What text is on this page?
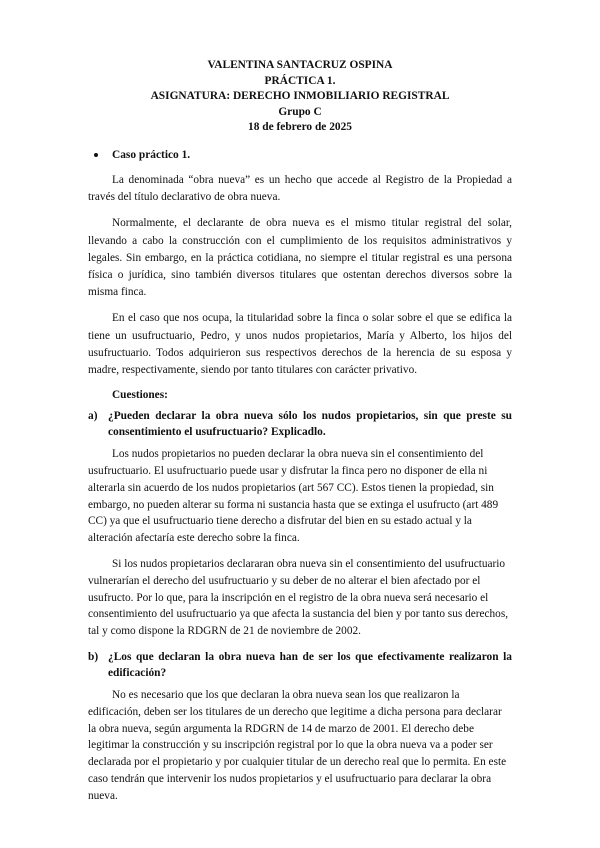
VALENTINA SANTACRUZ OSPINA
PRÁCTICA 1.
ASIGNATURA: DERECHO INMOBILIARIO REGISTRAL
Grupo C
18 de febrero de 2025
Caso práctico 1.

La denominada “obra nueva” es un hecho que accede al Registro de la Propiedad a través del título declarativo de obra nueva.

Normalmente, el declarante de obra nueva es el mismo titular registral del solar, llevando a cabo la construcción con el cumplimiento de los requisitos administrativos y legales. Sin embargo, en la práctica cotidiana, no siempre el titular registral es una persona física o jurídica, sino también diversos titulares que ostentan derechos diversos sobre la misma finca.

En el caso que nos ocupa, la titularidad sobre la finca o solar sobre el que se edifica la tiene un usufructuario, Pedro, y unos nudos propietarios, María y Alberto, los hijos del usufructuario. Todos adquirieron sus respectivos derechos de la herencia de su esposa y madre, respectivamente, siendo por tanto titulares con carácter privativo.

Cuestiones:
a) ¿Pueden declarar la obra nueva sólo los nudos propietarios, sin que preste su consentimiento el usufructuario? Explicadlo.

Los nudos propietarios no pueden declarar la obra nueva sin el consentimiento del usufructuario. El usufructuario puede usar y disfrutar la finca pero no disponer de ella ni alterarla sin acuerdo de los nudos propietarios (art 567 CC). Estos tienen la propiedad, sin embargo, no pueden alterar su forma ni sustancia hasta que se extinga el usufructo (art 489 CC) ya que el usufructuario tiene derecho a disfrutar del bien en su estado actual y la alteración afectaría este derecho sobre la finca.

Si los nudos propietarios declararan obra nueva sin el consentimiento del usufructuario vulnerarían el derecho del usufructuario y su deber de no alterar el bien afectado por el usufructo. Por lo que, para la inscripción en el registro de la obra nueva será necesario el consentimiento del usufructuario ya que afecta la sustancia del bien y por tanto sus derechos, tal y como dispone la RDGRN de 21 de noviembre de 2002.

b) ¿Los que declaran la obra nueva han de ser los que efectivamente realizaron la edificación?

No es necesario que los que declaran la obra nueva sean los que realizaron la edificación, deben ser los titulares de un derecho que legitime a dicha persona para declarar la obra nueva, según argumenta la RDGRN de 14 de marzo de 2001. El derecho debe legitimar la construcción y su inscripción registral por lo que la obra nueva va a poder ser declarada por el propietario y por cualquier titular de un derecho real que lo permita. En este caso tendrán que intervenir los nudos propietarios y el usufructuario para declarar la obra nueva.
